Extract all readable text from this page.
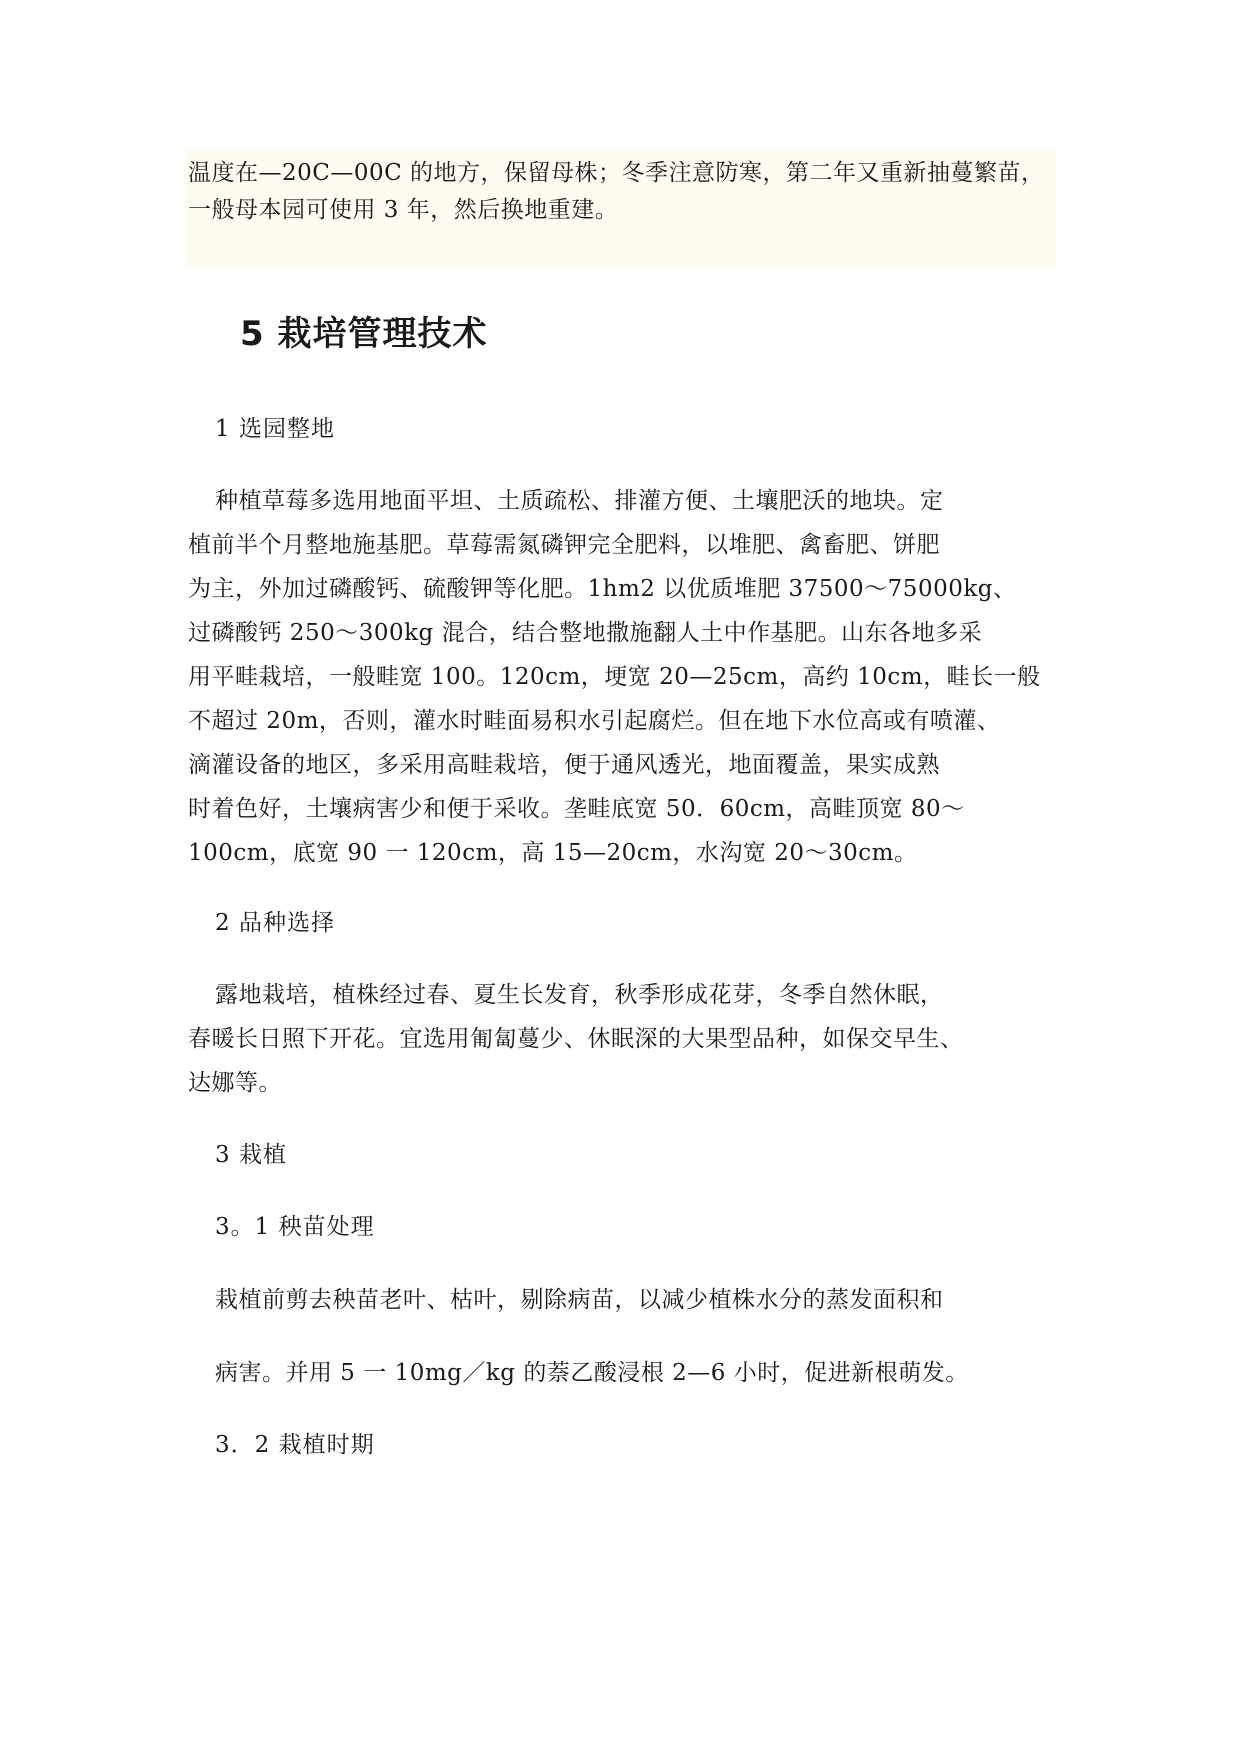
温度在—20C—00C 的地方，保留母株；冬季注意防寒，第二年又重新抽蔓繁苗，
一般母本园可使用 3 年，然后换地重建。
5 栽培管理技术
1 选园整地
种植草莓多选用地面平坦、土质疏松、排灌方便、土壤肥沃的地块。定
植前半个月整地施基肥。草莓需氮磷钾完全肥料，以堆肥、禽畜肥、饼肥
为主，外加过磷酸钙、硫酸钾等化肥。1hm2 以优质堆肥 37500～75000kg、
过磷酸钙 250～300kg 混合，结合整地撒施翻人土中作基肥。山东各地多采
用平畦栽培，一般畦宽 100。120cm，埂宽 20—25cm，高约 10cm，畦长一般
不超过 20m，否则，灌水时畦面易积水引起腐烂。但在地下水位高或有喷灌、
滴灌设备的地区，多采用高畦栽培，便于通风透光，地面覆盖，果实成熟
时着色好，土壤病害少和便于采收。垄畦底宽 50．60cm，高畦顶宽 80～
100cm，底宽 90 一 120cm，高 15—20cm，水沟宽 20～30cm。
2 品种选择
露地栽培，植株经过春、夏生长发育，秋季形成花芽，冬季自然休眠，
春暖长日照下开花。宜选用匍匐蔓少、休眠深的大果型品种，如保交早生、
达娜等。
3 栽植
3。1 秧苗处理
栽植前剪去秧苗老叶、枯叶，剔除病苗，以减少植株水分的蒸发面积和
病害。并用 5 一 10mg／kg 的萘乙酸浸根 2—6 小时，促进新根萌发。
3．2 栽植时期
